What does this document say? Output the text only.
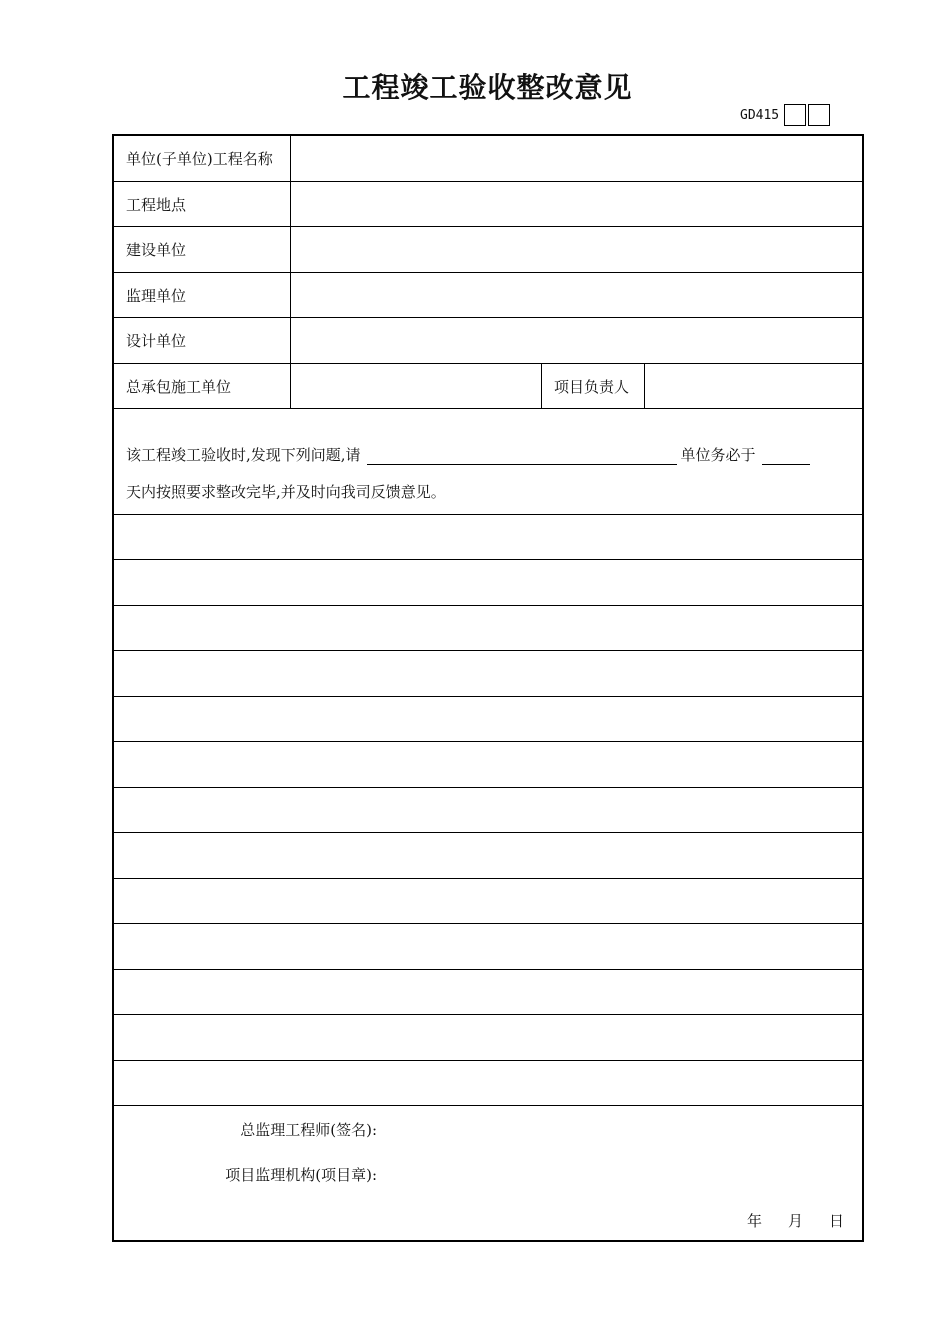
工程竣工验收整改意见
GD415
单位(子单位)工程名称
工程地点
建设单位
监理单位
设计单位
总承包施工单位	项目负责人
该工程竣工验收时,发现下列问题,请	单位务必于
天内按照要求整改完毕,并及时向我司反馈意见。
总监理工程师(签名):
项目监理机构(项目章):
年 月 日
